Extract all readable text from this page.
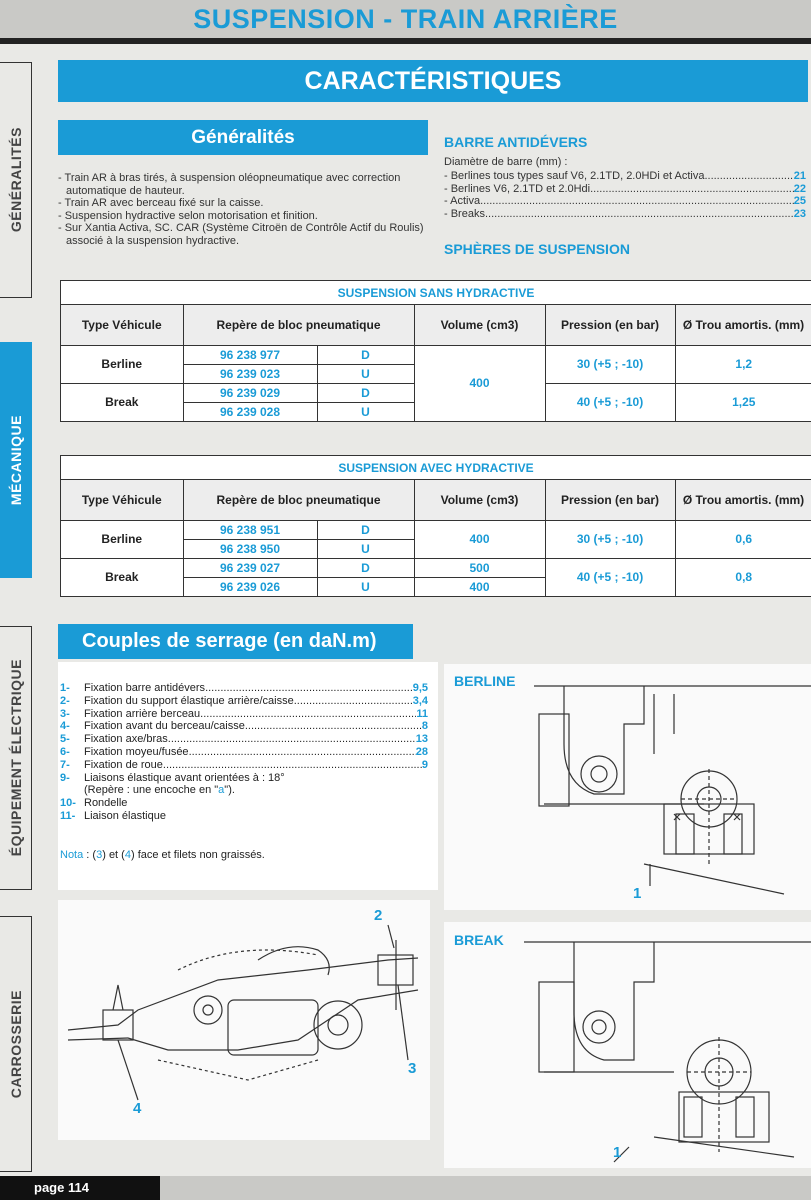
SUSPENSION - TRAIN ARRIÈRE
GÉNÉRALITÉS
MÉCANIQUE
ÉQUIPEMENT ÉLECTRIQUE
CARROSSERIE
CARACTÉRISTIQUES
Généralités
- Train AR à bras tirés, à suspension oléopneumatique avec correction automatique de hauteur.
- Train AR avec berceau fixé sur la caisse.
- Suspension hydractive selon motorisation et finition.
- Sur Xantia Activa, SC. CAR (Système Citroën de Contrôle Actif du Roulis) associé à la suspension hydractive.
BARRE ANTIDÉVERS
Diamètre de barre (mm) :
- Berlines tous types sauf V6, 2.1TD, 2.0HDi et Activa .....	21
- Berlines V6, 2.1TD et 2.0Hdi .....	22
- Activa .....	25
- Breaks .....	23
SPHÈRES DE SUSPENSION
SUSPENSION SANS HYDRACTIVE
Type Véhicule	Repère de bloc pneumatique		Volume (cm3)	Pression (en bar)	Ø Trou amortis. (mm)
Berline	96 238 977	D	400	30 (+5 ; -10)	1,2
	96 239 023	U			
Break	96 239 029	D		40 (+5 ; -10)	1,25
	96 239 028	U			
SUSPENSION AVEC HYDRACTIVE
Type Véhicule	Repère de bloc pneumatique		Volume (cm3)	Pression (en bar)	Ø Trou amortis. (mm)
Berline	96 238 951	D	400	30 (+5 ; -10)	0,6
	96 238 950	U			
Break	96 239 027	D	500	40 (+5 ; -10)	0,8
	96 239 026	U	400		
Couples de serrage (en daN.m)
1-	Fixation barre antidévers .....	9,5
2-	Fixation du support élastique arrière/caisse .....	3,4
3-	Fixation arrière berceau .....	11
4-	Fixation avant du berceau/caisse .....	8
5-	Fixation axe/bras .....	13
6-	Fixation moyeu/fusée .....	28
7-	Fixation de roue .....	9
9-	Liaisons élastique avant orientées à : 18°
(Repère : une encoche en "a").
10- Rondelle
11- Liaison élastique
Nota : (3) et (4) face et filets non graissés.
BERLINE
1
BREAK
1
2
3
4
page 114
